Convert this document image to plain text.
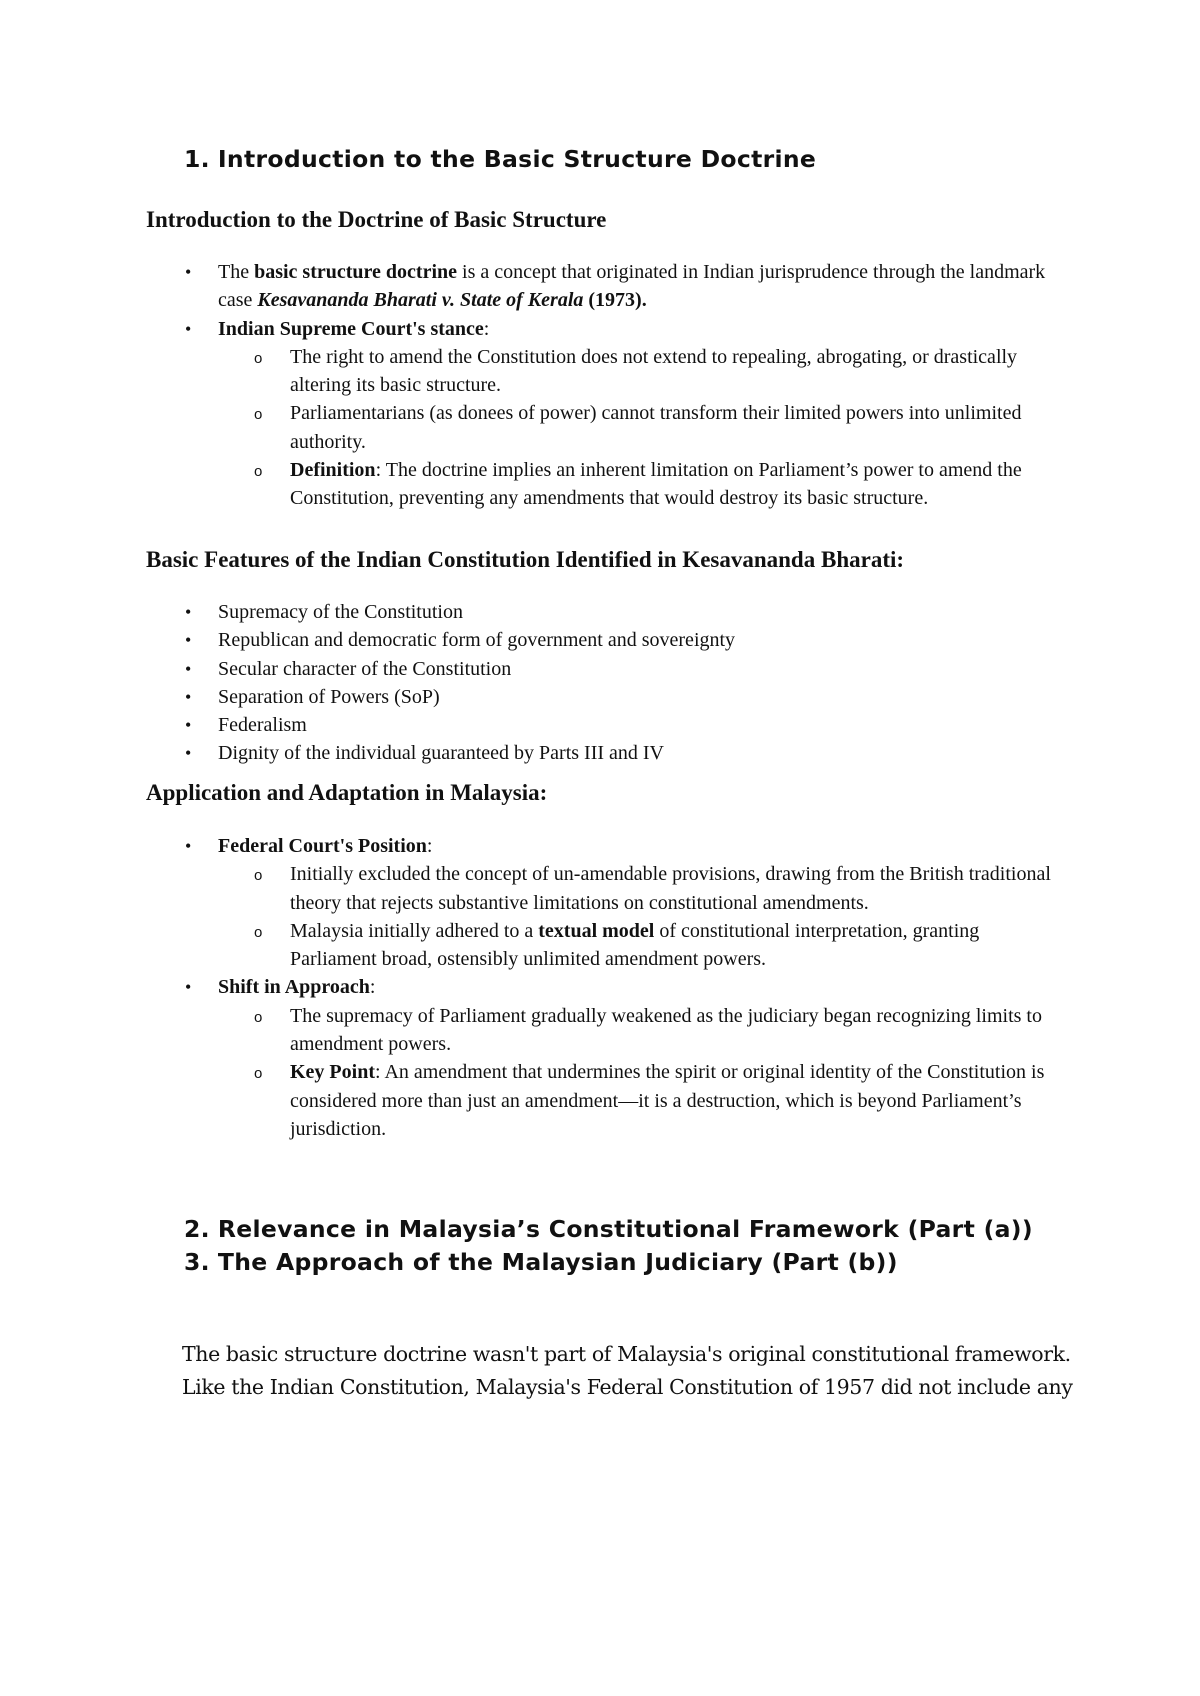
1. Introduction to the Basic Structure Doctrine
Introduction to the Doctrine of Basic Structure
• The basic structure doctrine is a concept that originated in Indian jurisprudence through the landmark case Kesavananda Bharati v. State of Kerala (1973).
• Indian Supreme Court's stance:
o The right to amend the Constitution does not extend to repealing, abrogating, or drastically altering its basic structure.
o Parliamentarians (as donees of power) cannot transform their limited powers into unlimited authority.
o Definition: The doctrine implies an inherent limitation on Parliament’s power to amend the Constitution, preventing any amendments that would destroy its basic structure.
Basic Features of the Indian Constitution Identified in Kesavananda Bharati:
• Supremacy of the Constitution
• Republican and democratic form of government and sovereignty
• Secular character of the Constitution
• Separation of Powers (SoP)
• Federalism
• Dignity of the individual guaranteed by Parts III and IV
Application and Adaptation in Malaysia:
• Federal Court's Position:
o Initially excluded the concept of un-amendable provisions, drawing from the British traditional theory that rejects substantive limitations on constitutional amendments.
o Malaysia initially adhered to a textual model of constitutional interpretation, granting Parliament broad, ostensibly unlimited amendment powers.
• Shift in Approach:
o The supremacy of Parliament gradually weakened as the judiciary began recognizing limits to amendment powers.
o Key Point: An amendment that undermines the spirit or original identity of the Constitution is considered more than just an amendment—it is a destruction, which is beyond Parliament’s jurisdiction.
2. Relevance in Malaysia’s Constitutional Framework (Part (a))
3. The Approach of the Malaysian Judiciary (Part (b))

The basic structure doctrine wasn't part of Malaysia's original constitutional framework. Like the Indian Constitution, Malaysia's Federal Constitution of 1957 did not include any
